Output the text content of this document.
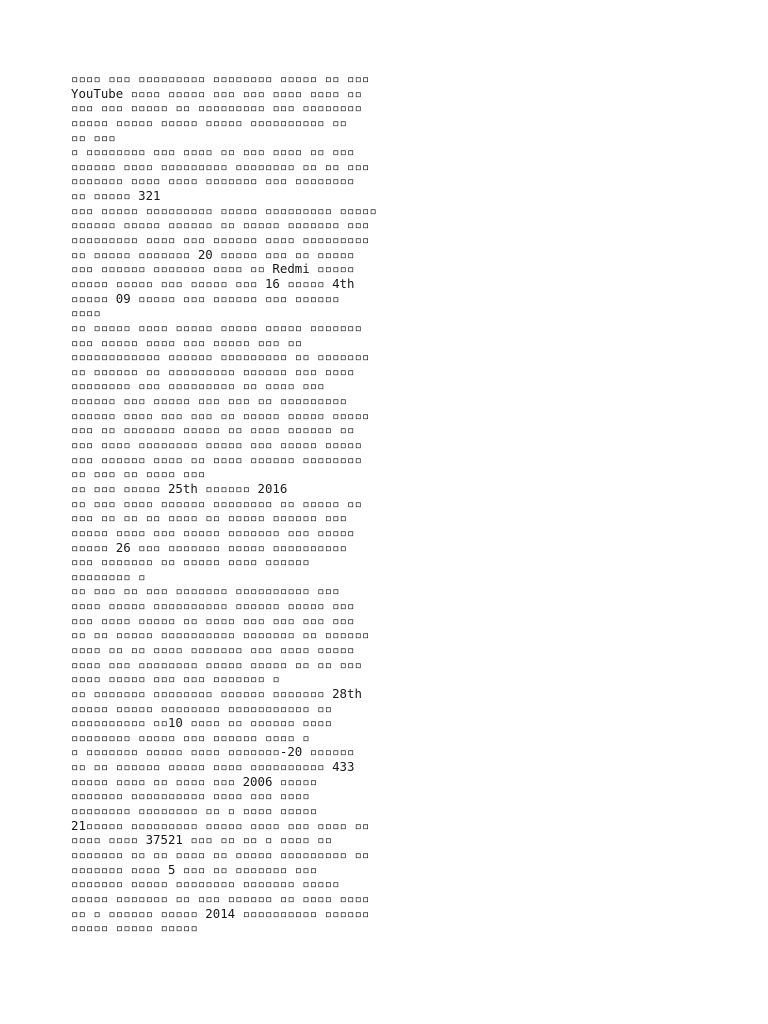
▫▫▫▫ ▫▫▫ ▫▫▫▫▫▫▫▫▫ ▫▫▫▫▫▫▫▫ ▫▫▫▫▫ ▫▫ ▫▫▫
YouTube ▫▫▫▫ ▫▫▫▫▫ ▫▫▫ ▫▫▫ ▫▫▫▫ ▫▫▫▫ ▫▫
▫▫▫ ▫▫▫ ▫▫▫▫▫ ▫▫ ▫▫▫▫▫▫▫▫▫ ▫▫▫ ▫▫▫▫▫▫▫▫
▫▫▫▫▫ ▫▫▫▫▫ ▫▫▫▫▫ ▫▫▫▫▫ ▫▫▫▫▫▫▫▫▫▫ ▫▫
▫▫ ▫▫▫
▫ ▫▫▫▫▫▫▫▫ ▫▫▫ ▫▫▫▫ ▫▫ ▫▫▫ ▫▫▫▫ ▫▫ ▫▫▫
▫▫▫▫▫▫ ▫▫▫▫ ▫▫▫▫▫▫▫▫▫ ▫▫▫▫▫▫▫▫ ▫▫ ▫▫ ▫▫▫
▫▫▫▫▫▫▫ ▫▫▫▫ ▫▫▫▫ ▫▫▫▫▫▫▫ ▫▫▫ ▫▫▫▫▫▫▫▫
▫▫ ▫▫▫▫▫ 321
▫▫▫ ▫▫▫▫▫ ▫▫▫▫▫▫▫▫▫ ▫▫▫▫▫ ▫▫▫▫▫▫▫▫▫ ▫▫▫▫▫
▫▫▫▫▫▫ ▫▫▫▫▫ ▫▫▫▫▫▫ ▫▫ ▫▫▫▫▫ ▫▫▫▫▫▫▫ ▫▫▫
▫▫▫▫▫▫▫▫▫ ▫▫▫▫ ▫▫▫ ▫▫▫▫▫▫ ▫▫▫▫ ▫▫▫▫▫▫▫▫▫
▫▫ ▫▫▫▫▫ ▫▫▫▫▫▫▫ 20 ▫▫▫▫▫ ▫▫▫ ▫▫ ▫▫▫▫▫
▫▫▫ ▫▫▫▫▫▫ ▫▫▫▫▫▫▫ ▫▫▫▫ ▫▫ Redmi ▫▫▫▫▫
▫▫▫▫▫ ▫▫▫▫▫ ▫▫▫ ▫▫▫▫▫ ▫▫▫ 16 ▫▫▫▫▫ 4th
▫▫▫▫▫ 09 ▫▫▫▫▫ ▫▫▫ ▫▫▫▫▫▫ ▫▫▫ ▫▫▫▫▫▫
▫▫▫▫
▫▫ ▫▫▫▫▫ ▫▫▫▫ ▫▫▫▫▫ ▫▫▫▫▫ ▫▫▫▫▫ ▫▫▫▫▫▫▫
▫▫▫ ▫▫▫▫▫ ▫▫▫▫ ▫▫▫ ▫▫▫▫▫ ▫▫▫ ▫▫
▫▫▫▫▫▫▫▫▫▫▫▫ ▫▫▫▫▫▫ ▫▫▫▫▫▫▫▫▫ ▫▫ ▫▫▫▫▫▫▫
▫▫ ▫▫▫▫▫▫ ▫▫ ▫▫▫▫▫▫▫▫▫ ▫▫▫▫▫▫ ▫▫▫ ▫▫▫▫
▫▫▫▫▫▫▫▫ ▫▫▫ ▫▫▫▫▫▫▫▫▫ ▫▫ ▫▫▫▫ ▫▫▫
▫▫▫▫▫▫ ▫▫▫ ▫▫▫▫▫ ▫▫▫ ▫▫▫ ▫▫ ▫▫▫▫▫▫▫▫▫
▫▫▫▫▫▫ ▫▫▫▫ ▫▫▫ ▫▫▫ ▫▫ ▫▫▫▫▫ ▫▫▫▫▫ ▫▫▫▫▫
▫▫▫ ▫▫ ▫▫▫▫▫▫▫ ▫▫▫▫▫ ▫▫ ▫▫▫▫ ▫▫▫▫▫▫ ▫▫
▫▫▫ ▫▫▫▫ ▫▫▫▫▫▫▫▫ ▫▫▫▫▫ ▫▫▫ ▫▫▫▫▫ ▫▫▫▫▫
▫▫▫ ▫▫▫▫▫▫ ▫▫▫▫ ▫▫ ▫▫▫▫ ▫▫▫▫▫▫ ▫▫▫▫▫▫▫▫
▫▫ ▫▫▫ ▫▫ ▫▫▫▫ ▫▫▫
▫▫ ▫▫▫ ▫▫▫▫▫ 25th ▫▫▫▫▫▫ 2016
▫▫ ▫▫▫ ▫▫▫▫ ▫▫▫▫▫▫ ▫▫▫▫▫▫▫▫ ▫▫ ▫▫▫▫▫ ▫▫
▫▫▫ ▫▫ ▫▫ ▫▫ ▫▫▫▫ ▫▫ ▫▫▫▫▫ ▫▫▫▫▫▫ ▫▫▫
▫▫▫▫▫ ▫▫▫▫ ▫▫▫ ▫▫▫▫▫ ▫▫▫▫▫▫▫ ▫▫▫ ▫▫▫▫▫
▫▫▫▫▫ 26 ▫▫▫ ▫▫▫▫▫▫▫ ▫▫▫▫▫ ▫▫▫▫▫▫▫▫▫▫
▫▫▫ ▫▫▫▫▫▫▫ ▫▫ ▫▫▫▫▫ ▫▫▫▫ ▫▫▫▫▫▫
▫▫▫▫▫▫▫▫ ▫
▫▫ ▫▫▫ ▫▫ ▫▫▫ ▫▫▫▫▫▫▫ ▫▫▫▫▫▫▫▫▫▫ ▫▫▫
▫▫▫▫ ▫▫▫▫▫ ▫▫▫▫▫▫▫▫▫▫ ▫▫▫▫▫▫ ▫▫▫▫▫ ▫▫▫
▫▫▫ ▫▫▫▫ ▫▫▫▫▫ ▫▫ ▫▫▫▫ ▫▫▫ ▫▫▫ ▫▫▫ ▫▫▫
▫▫ ▫▫ ▫▫▫▫▫ ▫▫▫▫▫▫▫▫▫▫ ▫▫▫▫▫▫▫ ▫▫ ▫▫▫▫▫▫
▫▫▫▫ ▫▫ ▫▫ ▫▫▫▫ ▫▫▫▫▫▫▫ ▫▫▫ ▫▫▫▫ ▫▫▫▫▫
▫▫▫▫ ▫▫▫ ▫▫▫▫▫▫▫▫ ▫▫▫▫▫ ▫▫▫▫▫ ▫▫ ▫▫ ▫▫▫
▫▫▫▫ ▫▫▫▫▫ ▫▫▫ ▫▫▫ ▫▫▫▫▫▫▫ ▫
▫▫ ▫▫▫▫▫▫▫ ▫▫▫▫▫▫▫▫ ▫▫▫▫▫▫ ▫▫▫▫▫▫▫ 28th
▫▫▫▫▫ ▫▫▫▫▫ ▫▫▫▫▫▫▫▫ ▫▫▫▫▫▫▫▫▫▫▫ ▫▫
▫▫▫▫▫▫▫▫▫▫ ▫▫10 ▫▫▫▫ ▫▫ ▫▫▫▫▫▫ ▫▫▫▫
▫▫▫▫▫▫▫▫ ▫▫▫▫▫ ▫▫▫ ▫▫▫▫▫▫ ▫▫▫▫ ▫
▫ ▫▫▫▫▫▫▫ ▫▫▫▫▫ ▫▫▫▫ ▫▫▫▫▫▫▫-20 ▫▫▫▫▫▫
▫▫ ▫▫ ▫▫▫▫▫▫ ▫▫▫▫▫ ▫▫▫▫ ▫▫▫▫▫▫▫▫▫▫ 433
▫▫▫▫▫ ▫▫▫▫ ▫▫ ▫▫▫▫ ▫▫▫ 2006 ▫▫▫▫▫
▫▫▫▫▫▫▫ ▫▫▫▫▫▫▫▫▫▫ ▫▫▫▫ ▫▫▫ ▫▫▫▫
▫▫▫▫▫▫▫▫ ▫▫▫▫▫▫▫▫ ▫▫ ▫ ▫▫▫▫ ▫▫▫▫▫
21▫▫▫▫▫ ▫▫▫▫▫▫▫▫▫ ▫▫▫▫▫ ▫▫▫▫ ▫▫▫ ▫▫▫▫ ▫▫
▫▫▫▫ ▫▫▫▫ 37521 ▫▫▫ ▫▫ ▫▫ ▫ ▫▫▫▫ ▫▫
▫▫▫▫▫▫▫ ▫▫ ▫▫ ▫▫▫▫ ▫▫ ▫▫▫▫▫ ▫▫▫▫▫▫▫▫▫ ▫▫
▫▫▫▫▫▫▫ ▫▫▫▫ 5 ▫▫▫ ▫▫ ▫▫▫▫▫▫▫ ▫▫▫
▫▫▫▫▫▫▫ ▫▫▫▫▫ ▫▫▫▫▫▫▫▫ ▫▫▫▫▫▫▫ ▫▫▫▫▫
▫▫▫▫▫ ▫▫▫▫▫▫▫ ▫▫ ▫▫▫ ▫▫▫▫▫▫ ▫▫ ▫▫▫▫ ▫▫▫▫
▫▫ ▫ ▫▫▫▫▫▫ ▫▫▫▫▫ 2014 ▫▫▫▫▫▫▫▫▫▫ ▫▫▫▫▫▫
▫▫▫▫▫ ▫▫▫▫▫ ▫▫▫▫▫
